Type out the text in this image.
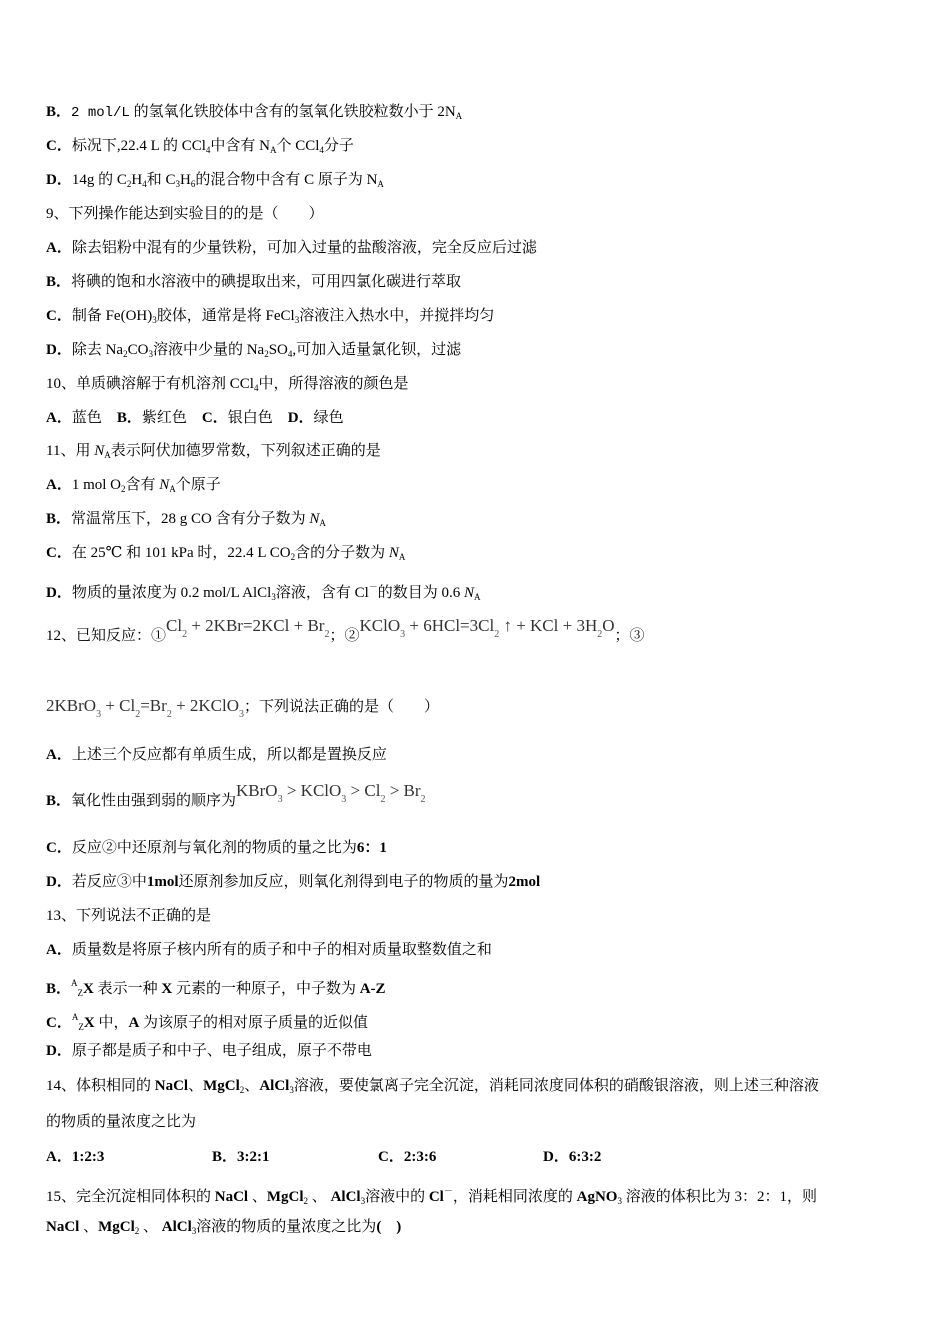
B．2 mol/L 的氢氧化铁胶体中含有的氢氧化铁胶粒数小于 $2N_A$
C．标况下,22.4 L 的 CCl$_4$中含有 $N_A$个 CCl$_4$分子
D．14g 的 $C_2H_4$和 $C_3H_6$的混合物中含有 C 原子为 $N_A$
9、下列操作能达到实验目的的是（　　）
A．除去铝粉中混有的少量铁粉，可加入过量的盐酸溶液，完全反应后过滤
B．将碘的饱和水溶液中的碘提取出来，可用四氯化碳进行萃取
C．制备 $Fe(OH)_3$胶体，通常是将 FeCl$_3$溶液注入热水中，并搅拌均匀
D．除去 $Na_2CO_3$溶液中少量的 $Na_2SO_4$,可加入适量氯化钡，过滤
10、单质碘溶解于有机溶剂 CCl$_4$中，所得溶液的颜色是
A．蓝色　B．紫红色　C．银白色　D．绿色
11、用 $N_A$表示阿伏加德罗常数，下列叙述正确的是
A．1 mol $O_2$含有 $N_A$个原子
B．常温常压下，28 g CO 含有分子数为 $N_A$
C．在 25℃ 和 101 kPa 时，22.4 L $CO_2$含的分子数为 $N_A$
D．物质的量浓度为 0.2 mol/L AlCl$_3$溶液，含有 Cl－的数目为 0.6 $N_A$
12、已知反应：$①Cl^2 + 2KBr=2KCl + Br^2$；②KClO$^3$ + $6HCl=3Cl^2$ ↑ + KCl + $3H^2O$；③
2KBrO$_3$ + $Cl_2=Br_2$ + 2KClO$_3$；下列说法正确的是（　　）
A．上述三个反应都有单质生成，所以都是置换反应
B．氧化性由强到弱的顺序为KBrO$^3$ > KClO$^3$ > $Cl^2 > Br^2$
C．反应②中还原剂与氧化剂的物质的量之比为6：1
D．若反应③中1mol还原剂参加反应，则氧化剂得到电子的物质的量为2mol
13、下列说法不正确的是
A．质量数是将原子核内所有的质子和中子的相对质量取整数值之和
B．$^A_Z$X 表示一种 X 元素的一种原子，中子数为 A-Z
C．$^A_Z$X 中，A 为该原子的相对原子质量的近似值
D．原子都是质子和中子、电子组成，原子不带电
14、体积相同的 NaCl、MgCl$_2$、AlCl$_3$溶液，要使氯离子完全沉淀，消耗同浓度同体积的硝酸银溶液，则上述三种溶液
的物质的量浓度之比为
15、完全沉淀相同体积的 NaCl 、MgCl$_2$ 、 AlCl$_3$溶液中的 Cl－，消耗相同浓度的 AgNO$_3$ 溶液的体积比为 3：2：1，则
NaCl 、MgCl$_2$ 、 AlCl$_3$溶液的物质的量浓度之比为(　)
A．1:2:3	B．3:2:1	C．2:3:6	D．6:3:2
